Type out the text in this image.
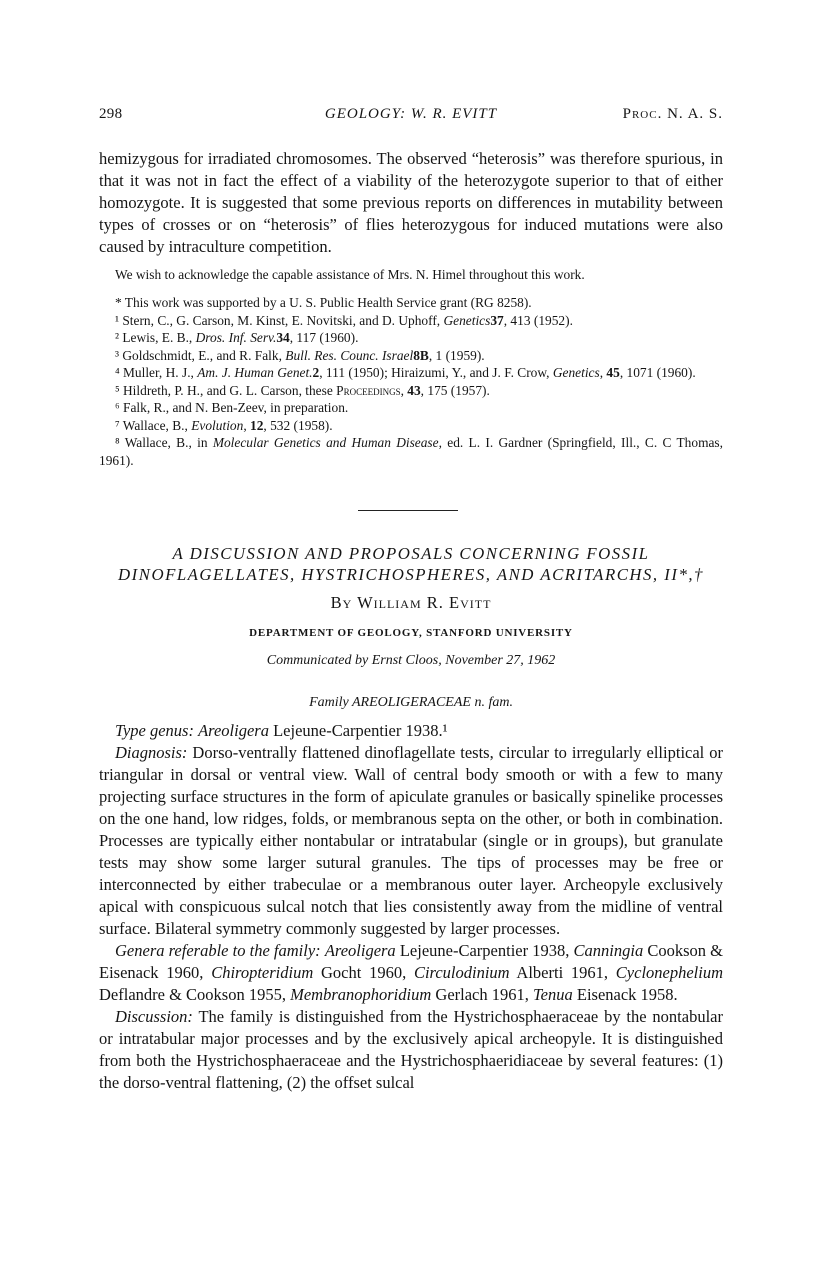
298	GEOLOGY: W. R. EVITT	Proc. N. A. S.

hemizygous for irradiated chromosomes. The observed “heterosis” was therefore spurious, in that it was not in fact the effect of a viability of the heterozygote superior to that of either homozygote. It is suggested that some previous reports on differences in mutability between types of crosses or on “heterosis” of flies heterozygous for induced mutations were also caused by intraculture competition.

We wish to acknowledge the capable assistance of Mrs. N. Himel throughout this work.

* This work was supported by a U. S. Public Health Service grant (RG 8258).

¹ Stern, C., G. Carson, M. Kinst, E. Novitski, and D. Uphoff, Genetics37, 413 (1952).

² Lewis, E. B., Dros. Inf. Serv.34, 117 (1960).

³ Goldschmidt, E., and R. Falk, Bull. Res. Counc. Israel8B, 1 (1959).

⁴ Muller, H. J., Am. J. Human Genet.2, 111 (1950); Hiraizumi, Y., and J. F. Crow, Genetics, 45, 1071 (1960).

⁵ Hildreth, P. H., and G. L. Carson, these Proceedings, 43, 175 (1957).

⁶ Falk, R., and N. Ben-Zeev, in preparation.

⁷ Wallace, B., Evolution, 12, 532 (1958).

⁸ Wallace, B., in Molecular Genetics and Human Disease, ed. L. I. Gardner (Springfield, Ill., C. C Thomas, 1961).

A DISCUSSION AND PROPOSALS CONCERNING FOSSIL
DINOFLAGELLATES, HYSTRICHOSPHERES, AND ACRITARCHS, II*,†
By William R. Evitt
DEPARTMENT OF GEOLOGY, STANFORD UNIVERSITY
Communicated by Ernst Cloos, November 27, 1962
Family AREOLIGERACEAE n. fam.

Type genus: Areoligera Lejeune-Carpentier 1938.¹

Diagnosis: Dorso-ventrally flattened dinoflagellate tests, circular to irregularly elliptical or triangular in dorsal or ventral view. Wall of central body smooth or with a few to many projecting surface structures in the form of apiculate granules or basically spinelike processes on the one hand, low ridges, folds, or membranous septa on the other, or both in combination. Processes are typically either nontabular or intratabular (single or in groups), but granulate tests may show some larger sutural granules. The tips of processes may be free or interconnected by either trabeculae or a membranous outer layer. Archeopyle exclusively apical with conspicuous sulcal notch that lies consistently away from the midline of ventral surface. Bilateral symmetry commonly suggested by larger processes.

Genera referable to the family: Areoligera Lejeune-Carpentier 1938, Canningia Cookson & Eisenack 1960, Chiropteridium Gocht 1960, Circulodinium Alberti 1961, Cyclonephelium Deflandre & Cookson 1955, Membranophoridium Gerlach 1961, Tenua Eisenack 1958.

Discussion: The family is distinguished from the Hystrichosphaeraceae by the nontabular or intratabular major processes and by the exclusively apical archeopyle. It is distinguished from both the Hystrichosphaeraceae and the Hystrichosphaeridiaceae by several features: (1) the dorso-ventral flattening, (2) the offset sulcal
